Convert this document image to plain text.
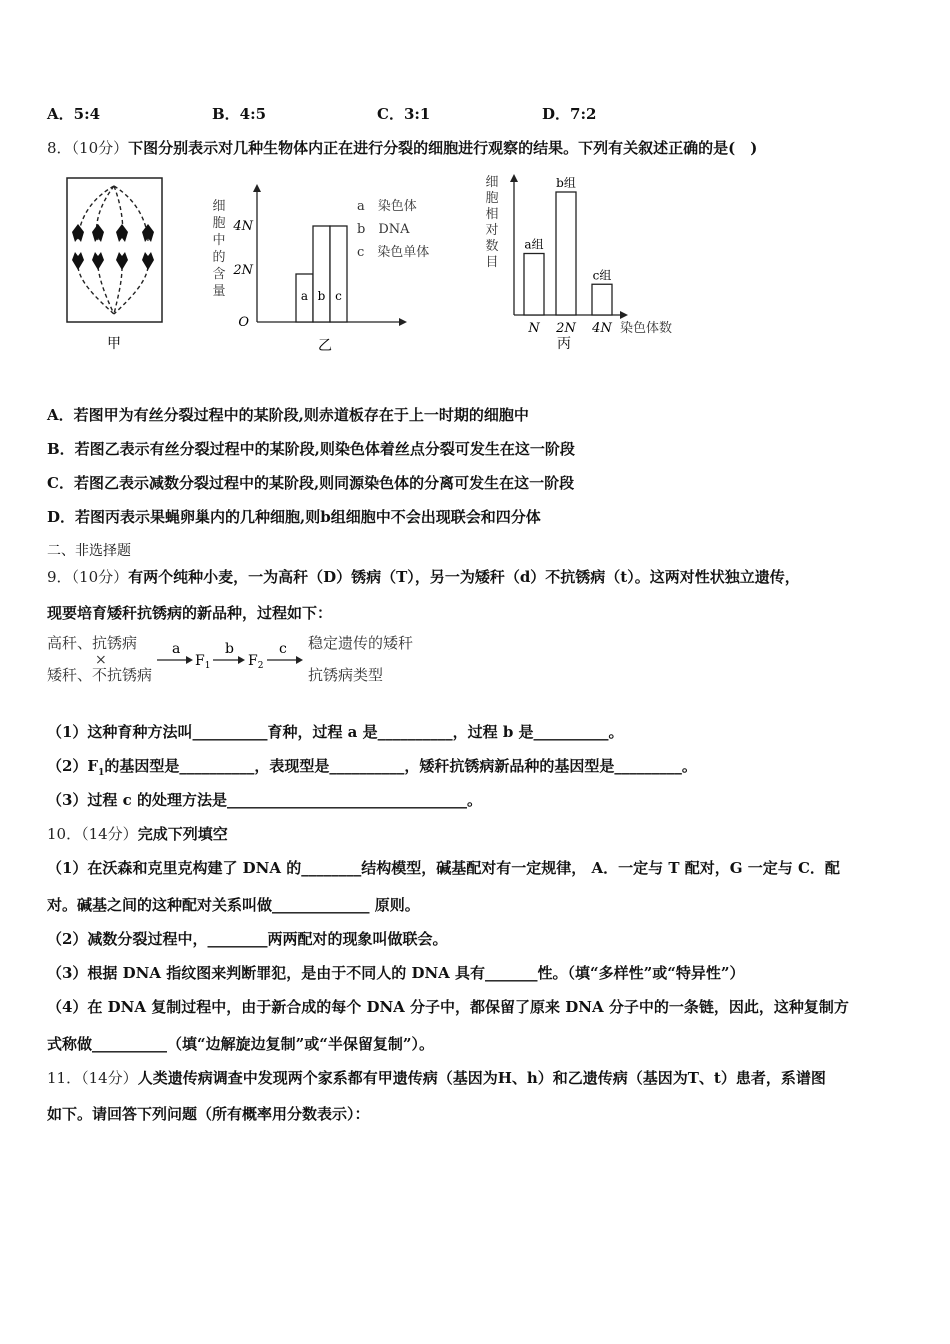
A．5:4	B．4:5	C．3:1	D．7:2
8．（10分）下图分别表示对几种生物体内正在进行分裂的细胞进行观察的结果。下列有关叙述正确的是(　)
甲
细
胞
中
的
含
量
4N
2N
O
a b c
a　染色体
b　DNA
c　染色单体
乙
细
胞
相
对
数
目
a组
b组
c组
N 2N 4N 染色体数
丙
A．若图甲为有丝分裂过程中的某阶段,则赤道板存在于上一时期的细胞中
B．若图乙表示有丝分裂过程中的某阶段,则染色体着丝点分裂可发生在这一阶段
C．若图乙表示减数分裂过程中的某阶段,则同源染色体的分离可发生在这一阶段
D．若图丙表示果蝇卵巢内的几种细胞,则b组细胞中不会出现联会和四分体
二、非选择题
9．（10分）有两个纯种小麦，一为高秆（D）锈病（T），另一为矮秆（d）不抗锈病（t）。这两对性状独立遗传，
现要培育矮秆抗锈病的新品种，过程如下：
高秆、抗锈病
×
矮秆、不抗锈病
a
$F_1$
b
$F_2$
c 稳定遗传的矮秆
抗锈病类型
（1）这种育种方法叫__________育种，过程 a 是__________，过程 b 是__________。
$(2)F_1$的基因型是__________，表现型是__________，矮秆抗锈病新品种的基因型是_________。
（3）过程 c 的处理方法是________________________________。
10．（14分）完成下列填空
（1）在沃森和克里克构建了 DNA 的________结构模型，碱基配对有一定规律， A．一定与 T 配对，G 一定与 C．配
对。碱基之间的这种配对关系叫做_____________ 原则。
（2）减数分裂过程中，________两两配对的现象叫做联会。
（3）根据 DNA 指纹图来判断罪犯，是由于不同人的 DNA 具有_______性。（填“多样性”或“特异性”）
（4）在 DNA 复制过程中，由于新合成的每个 DNA 分子中，都保留了原来 DNA 分子中的一条链，因此，这种复制方
式称做__________（填“边解旋边复制”或“半保留复制”）。
11．（14分）人类遗传病调查中发现两个家系都有甲遗传病（基因为H、h）和乙遗传病（基因为T、t）患者，系谱图
如下。请回答下列问题（所有概率用分数表示）：
